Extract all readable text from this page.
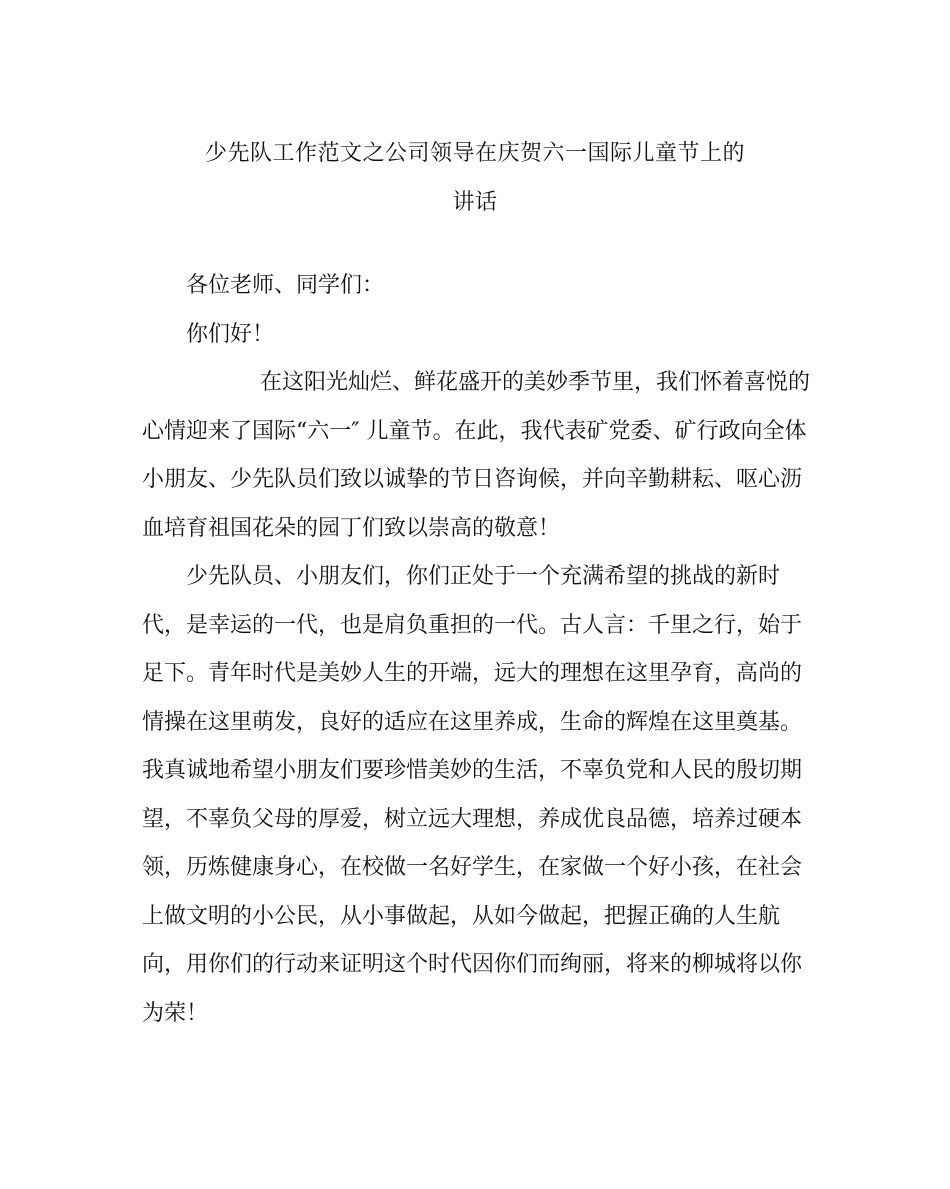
少先队工作范文之公司领导在庆贺六一国际儿童节上的
讲话
各位老师、同学们：
你们好！
在这阳光灿烂、鲜花盛开的美妙季节里，我们怀着喜悦的
心情迎来了国际“六一″ 儿童节。在此，我代表矿党委、矿行政向全体
小朋友、少先队员们致以诚挚的节日咨询候，并向辛勤耕耘、呕心沥
血培育祖国花朵的园丁们致以崇高的敬意！
少先队员、小朋友们，你们正处于一个充满希望的挑战的新时
代，是幸运的一代，也是肩负重担的一代。古人言：千里之行，始于
足下。青年时代是美妙人生的开端，远大的理想在这里孕育，高尚的
情操在这里萌发，良好的适应在这里养成，生命的辉煌在这里奠基。
我真诚地希望小朋友们要珍惜美妙的生活，不辜负党和人民的殷切期
望，不辜负父母的厚爱，树立远大理想，养成优良品德，培养过硬本
领，历炼健康身心，在校做一名好学生，在家做一个好小孩，在社会
上做文明的小公民，从小事做起，从如今做起，把握正确的人生航
向，用你们的行动来证明这个时代因你们而绚丽，将来的柳城将以你
为荣！
